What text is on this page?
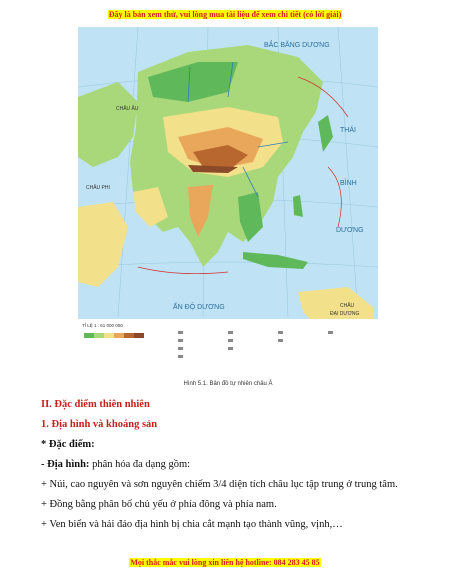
Đây là bản xem thử, vui lòng mua tài liệu để xem chi tiết (có lời giải)
BẮC BĂNG DƯƠNG
THÁI
BÌNH
DƯƠNG
ẤN ĐỘ DƯƠNG
CHÂU PHI
CHÂU ÂU
CHÂU
ĐẠI DƯƠNG
TỈ LỆ 1 : 61 000 000
Hình 5.1. Bản đồ tự nhiên châu Á
II. Đặc điểm thiên nhiên
1. Địa hình và khoáng sản
* Đặc điểm:
- Địa hình: phân hóa đa dạng gồm:
+ Núi, cao nguyên và sơn nguyên chiếm 3/4 diện tích châu lục tập trung ở trung tâm.
+ Đồng bằng phân bố chủ yếu ở phía đông và phía nam.
+ Ven biển và hải đảo địa hình bị chia cắt mạnh tạo thành vũng, vịnh,…
Mọi thắc mắc vui lòng xin liên hệ hotline: 084 283 45 85
